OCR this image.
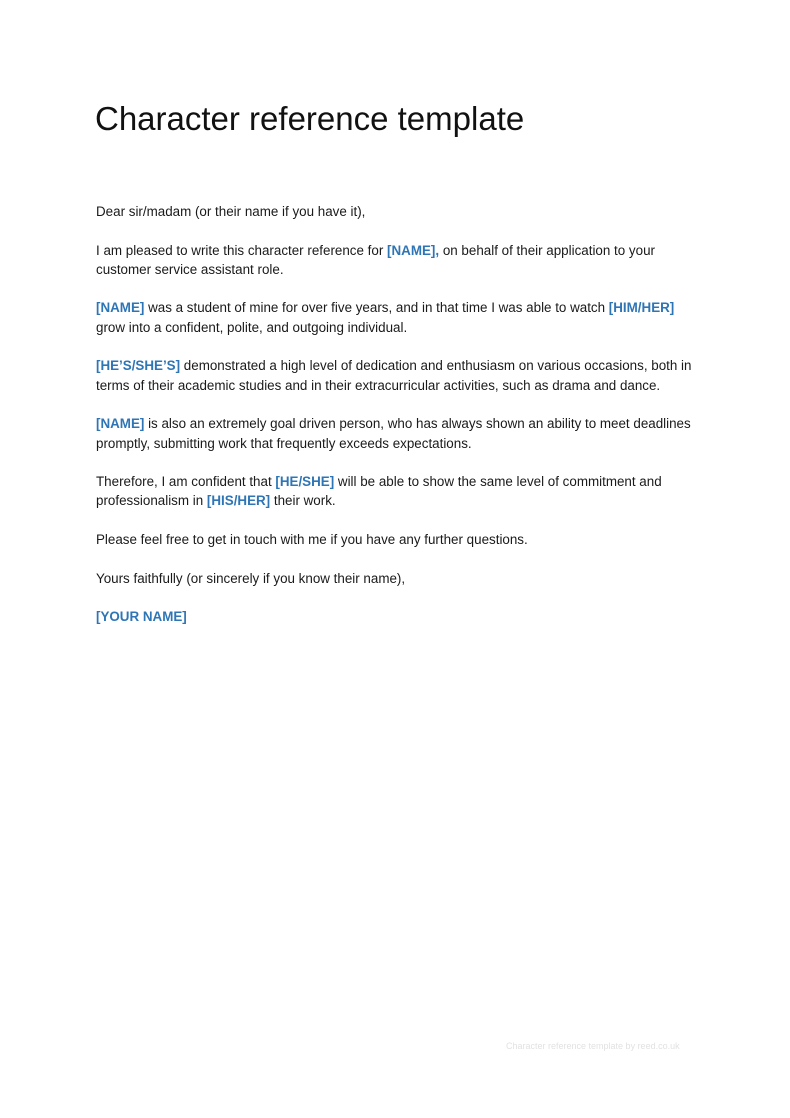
Character reference template

Dear sir/madam (or their name if you have it),

I am pleased to write this character reference for [NAME], on behalf of their application to your customer service assistant role.

[NAME] was a student of mine for over five years, and in that time I was able to watch [HIM/HER] grow into a confident, polite, and outgoing individual.

[HE’S/SHE’S] demonstrated a high level of dedication and enthusiasm on various occasions, both in terms of their academic studies and in their extracurricular activities, such as drama and dance.

[NAME] is also an extremely goal driven person, who has always shown an ability to meet deadlines promptly, submitting work that frequently exceeds expectations.

Therefore, I am confident that [HE/SHE] will be able to show the same level of commitment and professionalism in [HIS/HER] their work.

Please feel free to get in touch with me if you have any further questions.

Yours faithfully (or sincerely if you know their name),

[YOUR NAME]

Character reference template by reed.co.uk
